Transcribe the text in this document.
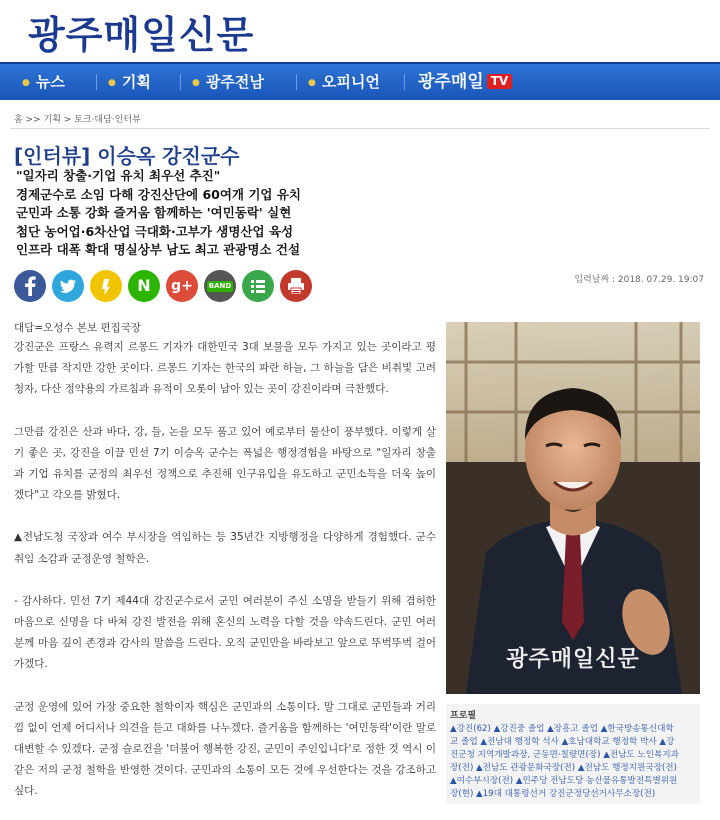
광주매일신문
● 뉴스	● 기획	● 광주전남	● 오피니언 광주매일 TV
홈 >> 기획 > 토크·대담·인터뷰
[인터뷰] 이승옥 강진군수
"일자리 창출·기업 유치 최우선 추진"
경제군수로 소임 다해 강진산단에 60여개 기업 유치
군민과 소통 강화 즐거움 함께하는 '여민동락' 실현
첨단 농어업·6차산업 극대화·고부가 생명산업 육성
인프라 대폭 확대 명실상부 남도 최고 관광명소 건설
N	g+	BAND
입력날짜 : 2018. 07.29. 19:07
대담=오성수 본보 편집국장

강진군은 프랑스 유력지 르몽드 기자가 대한민국 3대 보물을 모두 가지고 있는 곳이라고 평가할 만큼 작지만 강한 곳이다. 르몽드 기자는 한국의 파란 하늘, 그 하늘을 담은 비취빛 고려청자, 다산 정약용의 가르침과 유적이 오롯이 남아 있는 곳이 강진이라며 극찬했다.

그만큼 강진은 산과 바다, 강, 들, 논을 모두 품고 있어 예로부터 물산이 풍부했다. 이렇게 살기 좋은 곳, 강진을 이끌 민선 7기 이승옥 군수는 폭넓은 행정경험을 바탕으로 "일자리 창출과 기업 유치를 군정의 최우선 정책으로 추진해 인구유입을 유도하고 군민소득을 더욱 높이겠다"고 각오를 밝혔다.

▲전남도청 국장과 여수 부시장을 역임하는 등 35년간 지방행정을 다양하게 경험했다. 군수 취임 소감과 군정운영 철학은.

- 감사하다. 민선 7기 제44대 강진군수로서 군민 여러분이 주신 소명을 받들기 위해 겸허한 마음으로 신명을 다 바쳐 강진 발전을 위해 혼신의 노력을 다할 것을 약속드린다. 군민 여러분께 마음 깊이 존경과 감사의 말씀을 드린다. 오직 군민만을 바라보고 앞으로 뚜벅뚜벅 걸어가겠다.

군정 운영에 있어 가장 중요한 철학이자 핵심은 군민과의 소통이다. 말 그대로 군민들과 거리낌 없이 언제 어디서나 의견을 듣고 대화를 나누겠다. 즐거움을 함께하는 '여민동락'이란 말로 대변할 수 있겠다. 군정 슬로건을 '더불어 행복한 강진, 군민이 주인입니다'로 정한 것 역시 이 같은 저의 군정 철학을 반영한 것이다. 군민과의 소통이 모든 것에 우선한다는 것을 강조하고 싶다.

광주매일신문
프로필
▲강진(62) ▲강진중 졸업 ▲장흥고 졸업 ▲한국방송통신대학
교 졸업 ▲전남대 행정학 석사 ▲호남대학교 행정학 박사 ▲강
진군청 지역개발과장, 군동면·칠량면(장) ▲전남도 노인복지과
장(전) ▲전남도 관광문화국장(전) ▲전남도 행정지원국장(전)
▲여수부시장(전) ▲민주당 전남도당 농산물유통발전특별위원
장(현) ▲19대 대통령선거 강진군정당선거사무소장(전)
